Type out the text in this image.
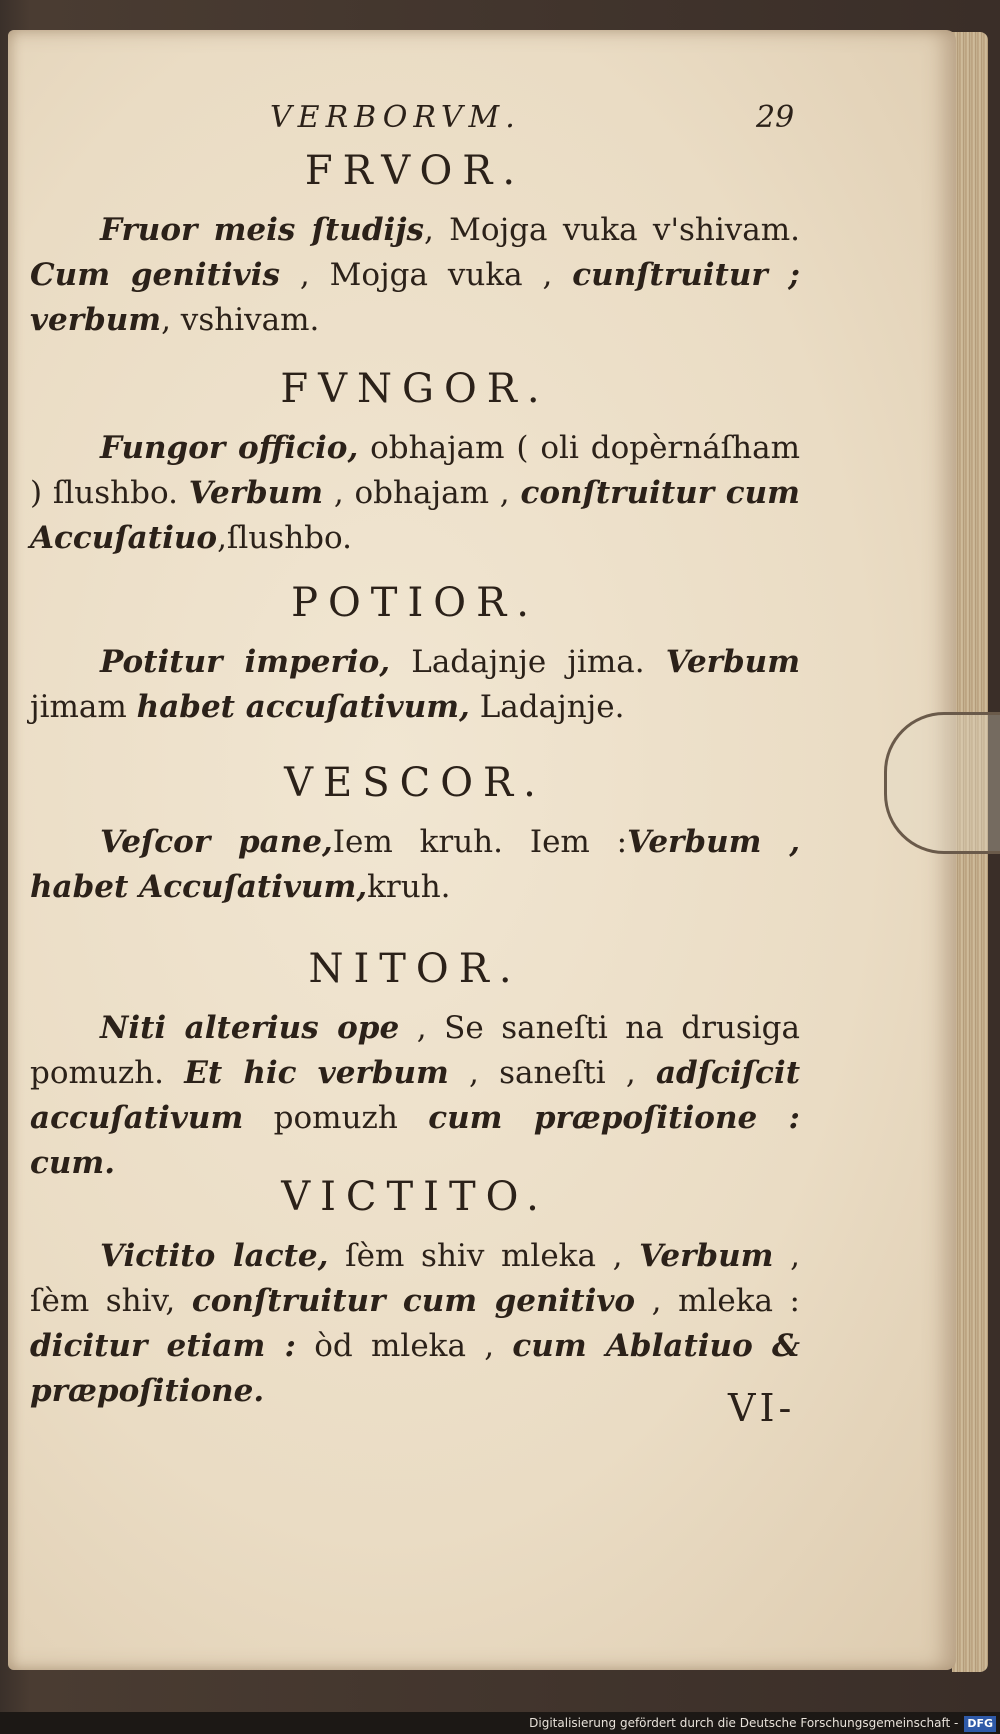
VERBORVM.	29
FRVOR.

Fruor meis ſtudijs, Mojga vuka v'shivam. Cum genitivis , Mojga vuka , cunſtruitur ; verbum, vshivam.

FVNGOR.

Fungor officio, obhajam ( oli dopèrnáſham ) ſlushbo. Verbum , obhajam , conſtruitur cum Accuſatiuo,ſlushbo.

POTIOR.

Potitur imperio, Ladajnje jima. Verbum jimam habet accuſativum, Ladajnje.

VESCOR.

Veſcor pane,Iem kruh. Iem :Verbum , habet Accuſativum,kruh.

NITOR.

Niti alterius ope , Se saneſti na drusiga pomuzh. Et hic verbum , saneſti , adſciſcit accuſativum pomuzh cum præpoſitione : cum.

VICTITO.

Victito lacte, ſèm shiv mleka , Verbum , ſèm shiv, conſtruitur cum genitivo , mleka : dicitur etiam : òd mleka , cum Ablatiuo & præpoſitione.	VI-
Digitalisierung gefördert durch die Deutsche Forschungsgemeinschaft - DFG
